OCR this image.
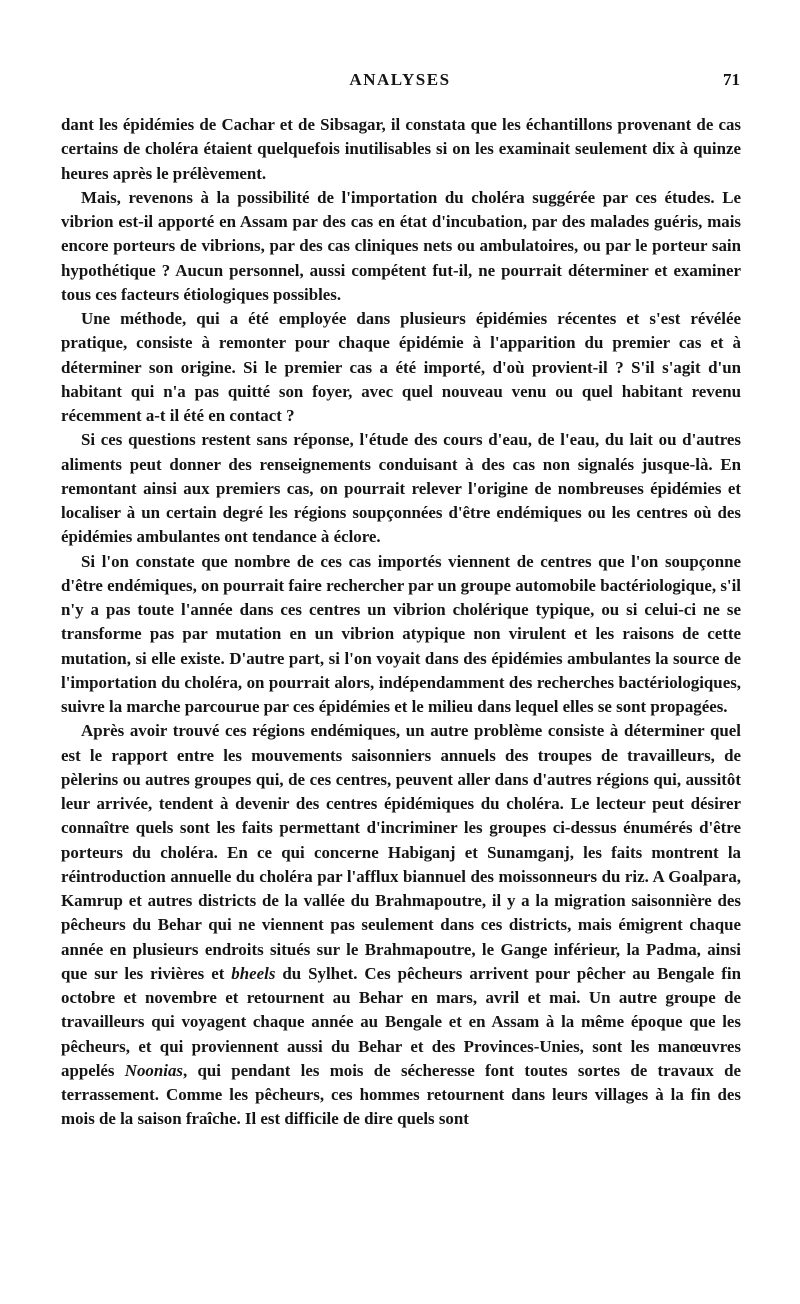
ANALYSES	71

dant les épidémies de Cachar et de Sibsagar, il constata que les échantillons provenant de cas certains de choléra étaient quelquefois inutilisables si on les examinait seulement dix à quinze heures après le prélèvement.

Mais, revenons à la possibilité de l'importation du choléra suggérée par ces études. Le vibrion est-il apporté en Assam par des cas en état d'incubation, par des malades guéris, mais encore porteurs de vibrions, par des cas cliniques nets ou ambulatoires, ou par le porteur sain hypothétique ? Aucun personnel, aussi compétent fut-il, ne pourrait déterminer et examiner tous ces facteurs étiologiques possibles.

Une méthode, qui a été employée dans plusieurs épidémies récentes et s'est révélée pratique, consiste à remonter pour chaque épidémie à l'apparition du premier cas et à déterminer son origine. Si le premier cas a été importé, d'où provient-il ? S'il s'agit d'un habitant qui n'a pas quitté son foyer, avec quel nouveau venu ou quel habitant revenu récemment a-t il été en contact ?

Si ces questions restent sans réponse, l'étude des cours d'eau, de l'eau, du lait ou d'autres aliments peut donner des renseignements conduisant à des cas non signalés jusque-là. En remontant ainsi aux premiers cas, on pourrait relever l'origine de nombreuses épidémies et localiser à un certain degré les régions soupçonnées d'être endémiques ou les centres où des épidémies ambulantes ont tendance à éclore.

Si l'on constate que nombre de ces cas importés viennent de centres que l'on soupçonne d'être endémiques, on pourrait faire rechercher par un groupe automobile bactériologique, s'il n'y a pas toute l'année dans ces centres un vibrion cholérique typique, ou si celui-ci ne se transforme pas par mutation en un vibrion atypique non virulent et les raisons de cette mutation, si elle existe. D'autre part, si l'on voyait dans des épidémies ambulantes la source de l'importation du choléra, on pourrait alors, indépendamment des recherches bactériologiques, suivre la marche parcourue par ces épidémies et le milieu dans lequel elles se sont propagées.

Après avoir trouvé ces régions endémiques, un autre problème consiste à déterminer quel est le rapport entre les mouvements saisonniers annuels des troupes de travailleurs, de pèlerins ou autres groupes qui, de ces centres, peuvent aller dans d'autres régions qui, aussitôt leur arrivée, tendent à devenir des centres épidémiques du choléra. Le lecteur peut désirer connaître quels sont les faits permettant d'incriminer les groupes ci-dessus énumérés d'être porteurs du choléra. En ce qui concerne Habiganj et Sunamganj, les faits montrent la réintroduction annuelle du choléra par l'afflux biannuel des moissonneurs du riz. A Goalpara, Kamrup et autres districts de la vallée du Brahmapoutre, il y a la migration saisonnière des pêcheurs du Behar qui ne viennent pas seulement dans ces districts, mais émigrent chaque année en plusieurs endroits situés sur le Brahmapoutre, le Gange inférieur, la Padma, ainsi que sur les rivières et bheels du Sylhet. Ces pêcheurs arrivent pour pêcher au Bengale fin octobre et novembre et retournent au Behar en mars, avril et mai. Un autre groupe de travailleurs qui voyagent chaque année au Bengale et en Assam à la même époque que les pêcheurs, et qui proviennent aussi du Behar et des Provinces-Unies, sont les manœuvres appelés Noonias, qui pendant les mois de sécheresse font toutes sortes de travaux de terrassement. Comme les pêcheurs, ces hommes retournent dans leurs villages à la fin des mois de la saison fraîche. Il est difficile de dire quels sont
